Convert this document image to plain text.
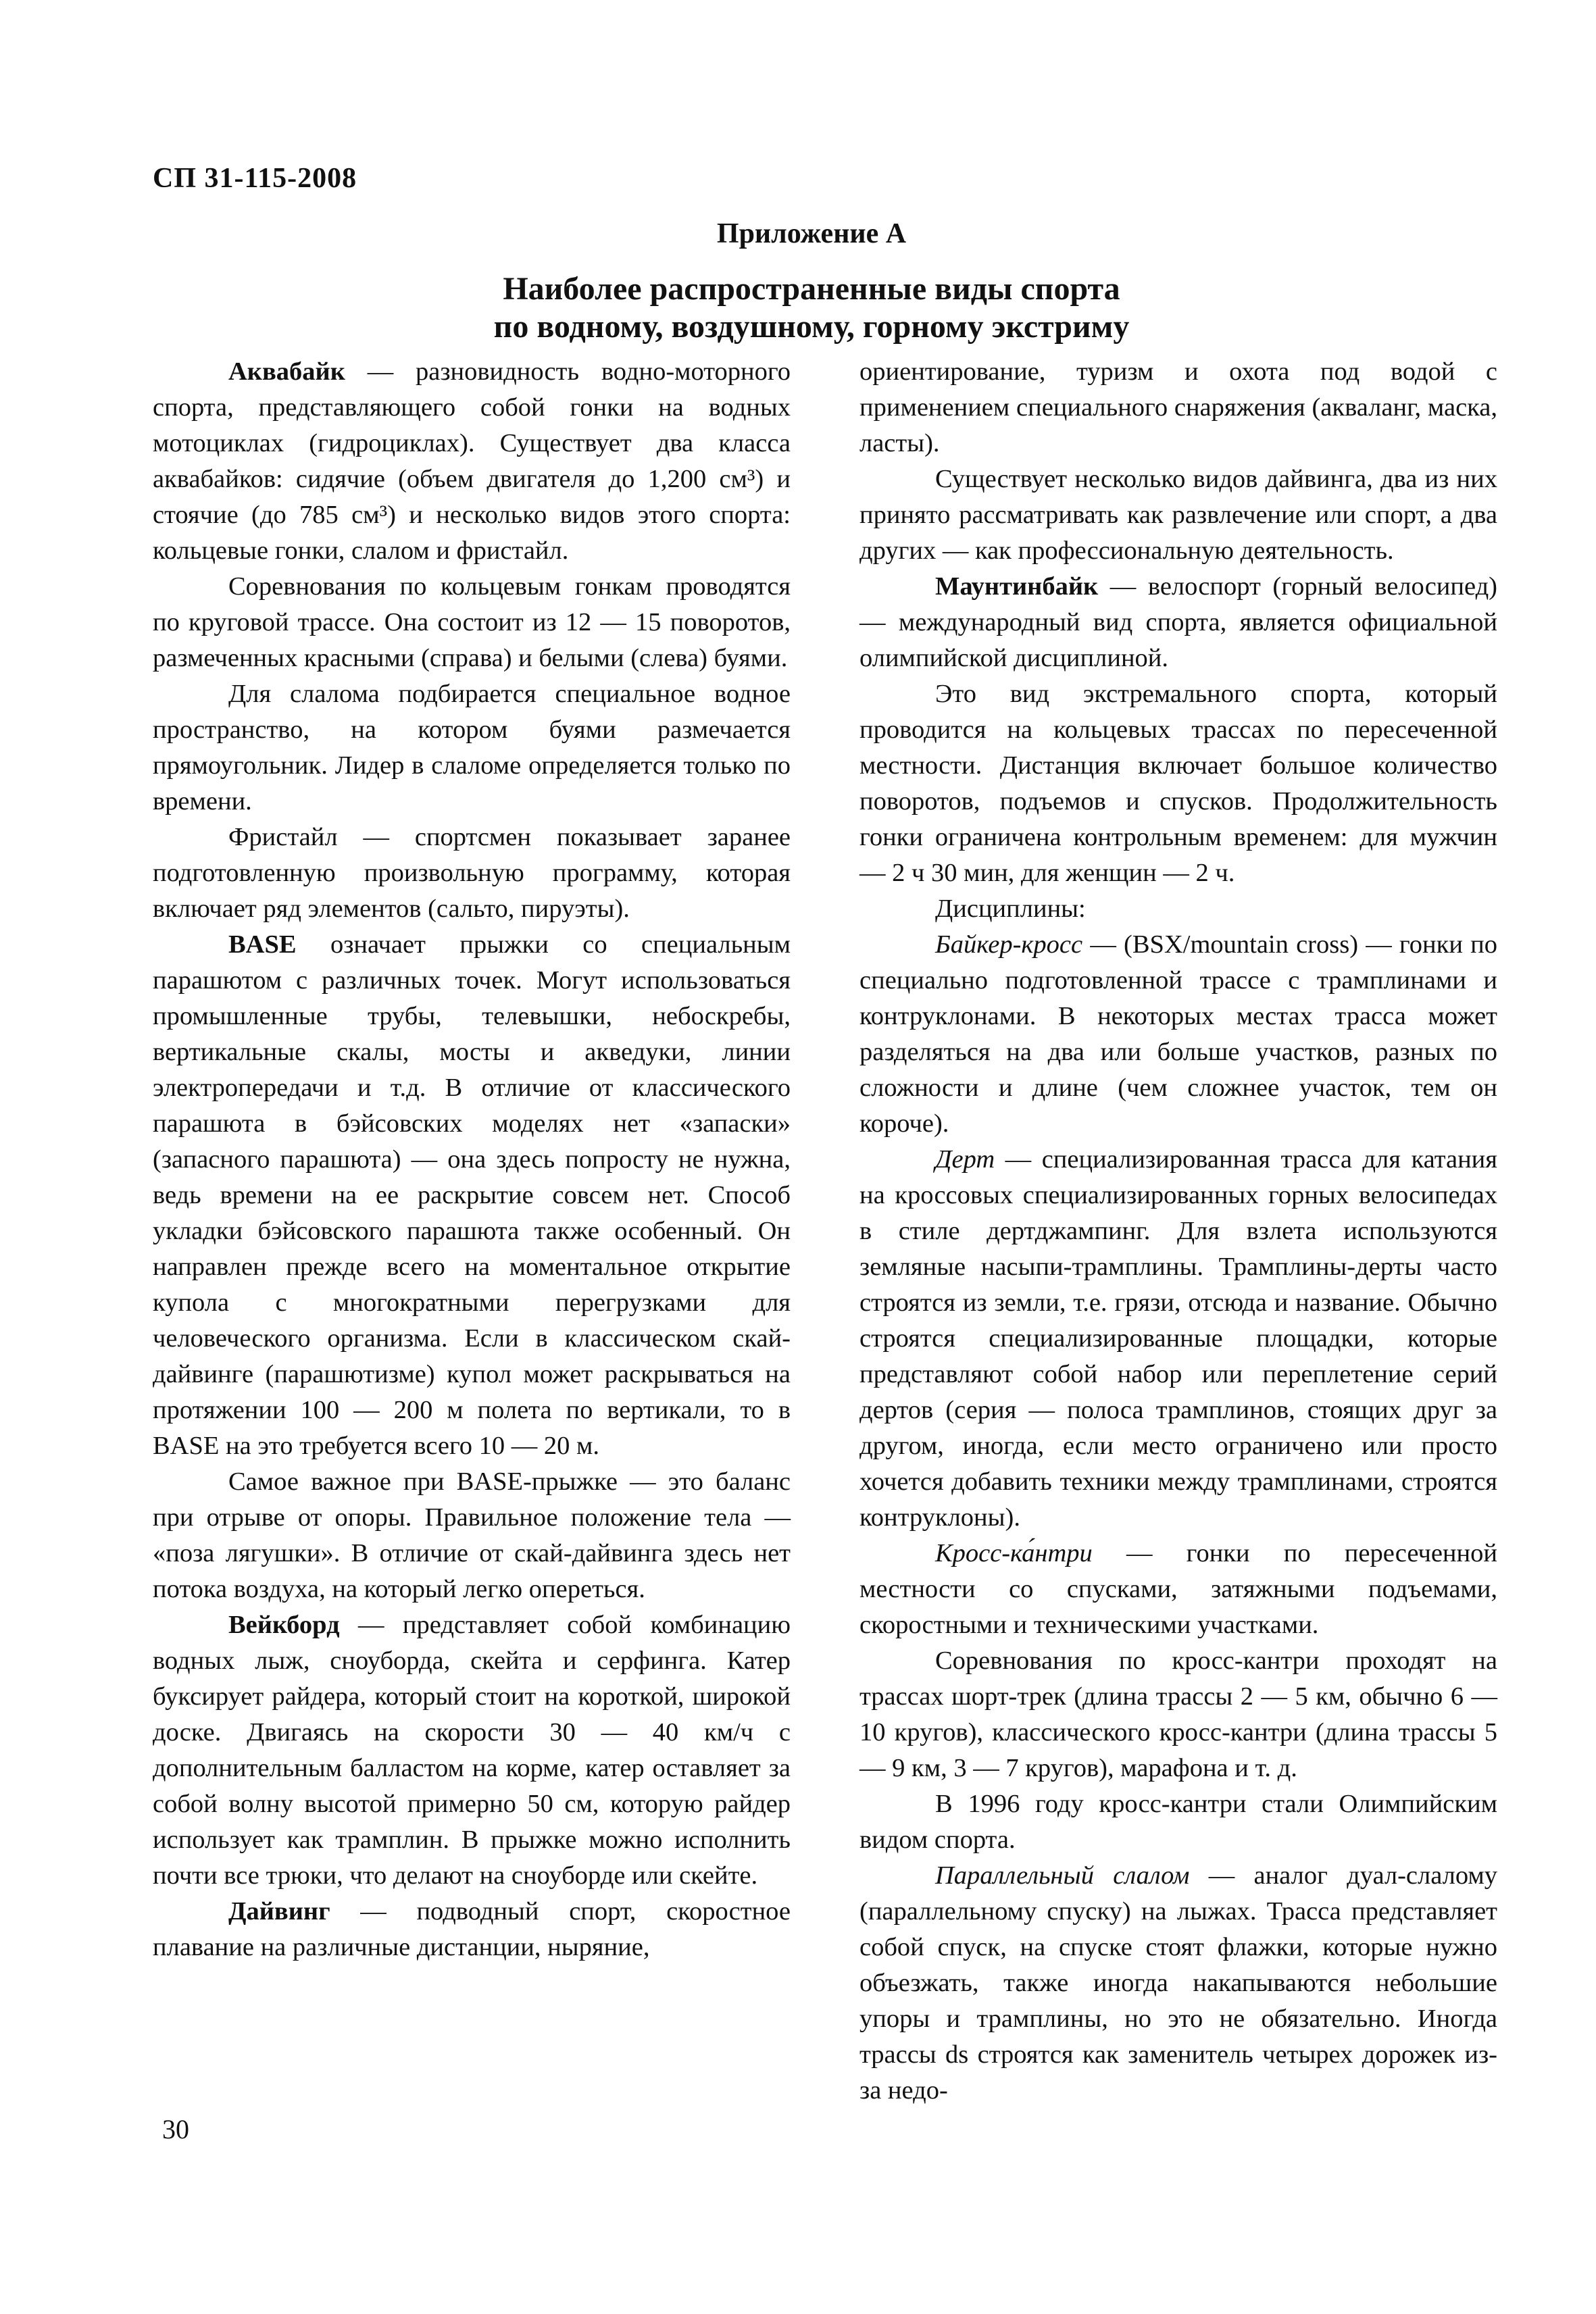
СП 31-115-2008
Приложение А
Наиболее распространенные виды спорта
по водному, воздушному, горному экстриму

Аквабайк — разновидность водно-моторного спорта, представляющего собой гонки на водных мотоциклах (гидроциклах). Существует два класса аквабайков: сидячие (объем двигателя до 1,200 см³) и стоячие (до 785 см³) и несколько видов этого спорта: кольцевые гонки, слалом и фристайл.

Соревнования по кольцевым гонкам проводятся по круговой трассе. Она состоит из 12 — 15 поворотов, размеченных красными (справа) и белыми (слева) буями.

Для слалома подбирается специальное водное пространство, на котором буями размечается прямоугольник. Лидер в слаломе определяется только по времени.

Фристайл — спортсмен показывает заранее подготовленную произвольную программу, которая включает ряд элементов (сальто, пируэты).

BASE означает прыжки со специальным парашютом с различных точек. Могут использоваться промышленные трубы, телевышки, небоскребы, вертикальные скалы, мосты и акведуки, линии электропередачи и т.д. В отличие от классического парашюта в бэйсовских моделях нет «запаски» (запасного парашюта) — она здесь попросту не нужна, ведь времени на ее раскрытие совсем нет. Способ укладки бэйсовского парашюта также особенный. Он направлен прежде всего на моментальное открытие купола с многократными перегрузками для человеческого организма. Если в классическом скай-дайвинге (парашютизме) купол может раскрываться на протяжении 100 — 200 м полета по вертикали, то в BASE на это требуется всего 10 — 20 м.

Самое важное при BASE-прыжке — это баланс при отрыве от опоры. Правильное положение тела — «поза лягушки». В отличие от скай-дайвинга здесь нет потока воздуха, на который легко опереться.

Вейкборд — представляет собой комбинацию водных лыж, сноуборда, скейта и серфинга. Катер буксирует райдера, который стоит на короткой, широкой доске. Двигаясь на скорости 30 — 40 км/ч с дополнительным балластом на корме, катер оставляет за собой волну высотой примерно 50 см, которую райдер использует как трамплин. В прыжке можно исполнить почти все трюки, что делают на сноуборде или скейте.

Дайвинг — подводный спорт, скоростное плавание на различные дистанции, ныряние,

ориентирование, туризм и охота под водой с применением специального снаряжения (акваланг, маска, ласты).

Существует несколько видов дайвинга, два из них принято рассматривать как развлечение или спорт, а два других — как профессиональную деятельность.

Маунтинбайк — велоспорт (горный велосипед) — международный вид спорта, является официальной олимпийской дисциплиной.

Это вид экстремального спорта, который проводится на кольцевых трассах по пересеченной местности. Дистанция включает большое количество поворотов, подъемов и спусков. Продолжительность гонки ограничена контрольным временем: для мужчин — 2 ч 30 мин, для женщин — 2 ч.

Дисциплины:

Байкер-кросс — (BSX/mountain cross) — гонки по специально подготовленной трассе с трамплинами и контруклонами. В некоторых местах трасса может разделяться на два или больше участков, разных по сложности и длине (чем сложнее участок, тем он короче).

Дерт — специализированная трасса для катания на кроссовых специализированных горных велосипедах в стиле дертджампинг. Для взлета используются земляные насыпи-трамплины. Трамплины-дерты часто строятся из земли, т.е. грязи, отсюда и название. Обычно строятся специализированные площадки, которые представляют собой набор или переплетение серий дертов (серия — полоса трамплинов, стоящих друг за другом, иногда, если место ограничено или просто хочется добавить техники между трамплинами, строятся контруклоны).

Кросс-ка́нтри — гонки по пересеченной местности со спусками, затяжными подъемами, скоростными и техническими участками.

Соревнования по кросс-кантри проходят на трассах шорт-трек (длина трассы 2 — 5 км, обычно 6 — 10 кругов), классического кросс-кантри (длина трассы 5 — 9 км, 3 — 7 кругов), марафона и т. д.

В 1996 году кросс-кантри стали Олимпийским видом спорта.

Параллельный слалом — аналог дуал-слалому (параллельному спуску) на лыжах. Трасса представляет собой спуск, на спуске стоят флажки, которые нужно объезжать, также иногда накапываются небольшие упоры и трамплины, но это не обязательно. Иногда трассы ds строятся как заменитель четырех дорожек из-за недо-

30
